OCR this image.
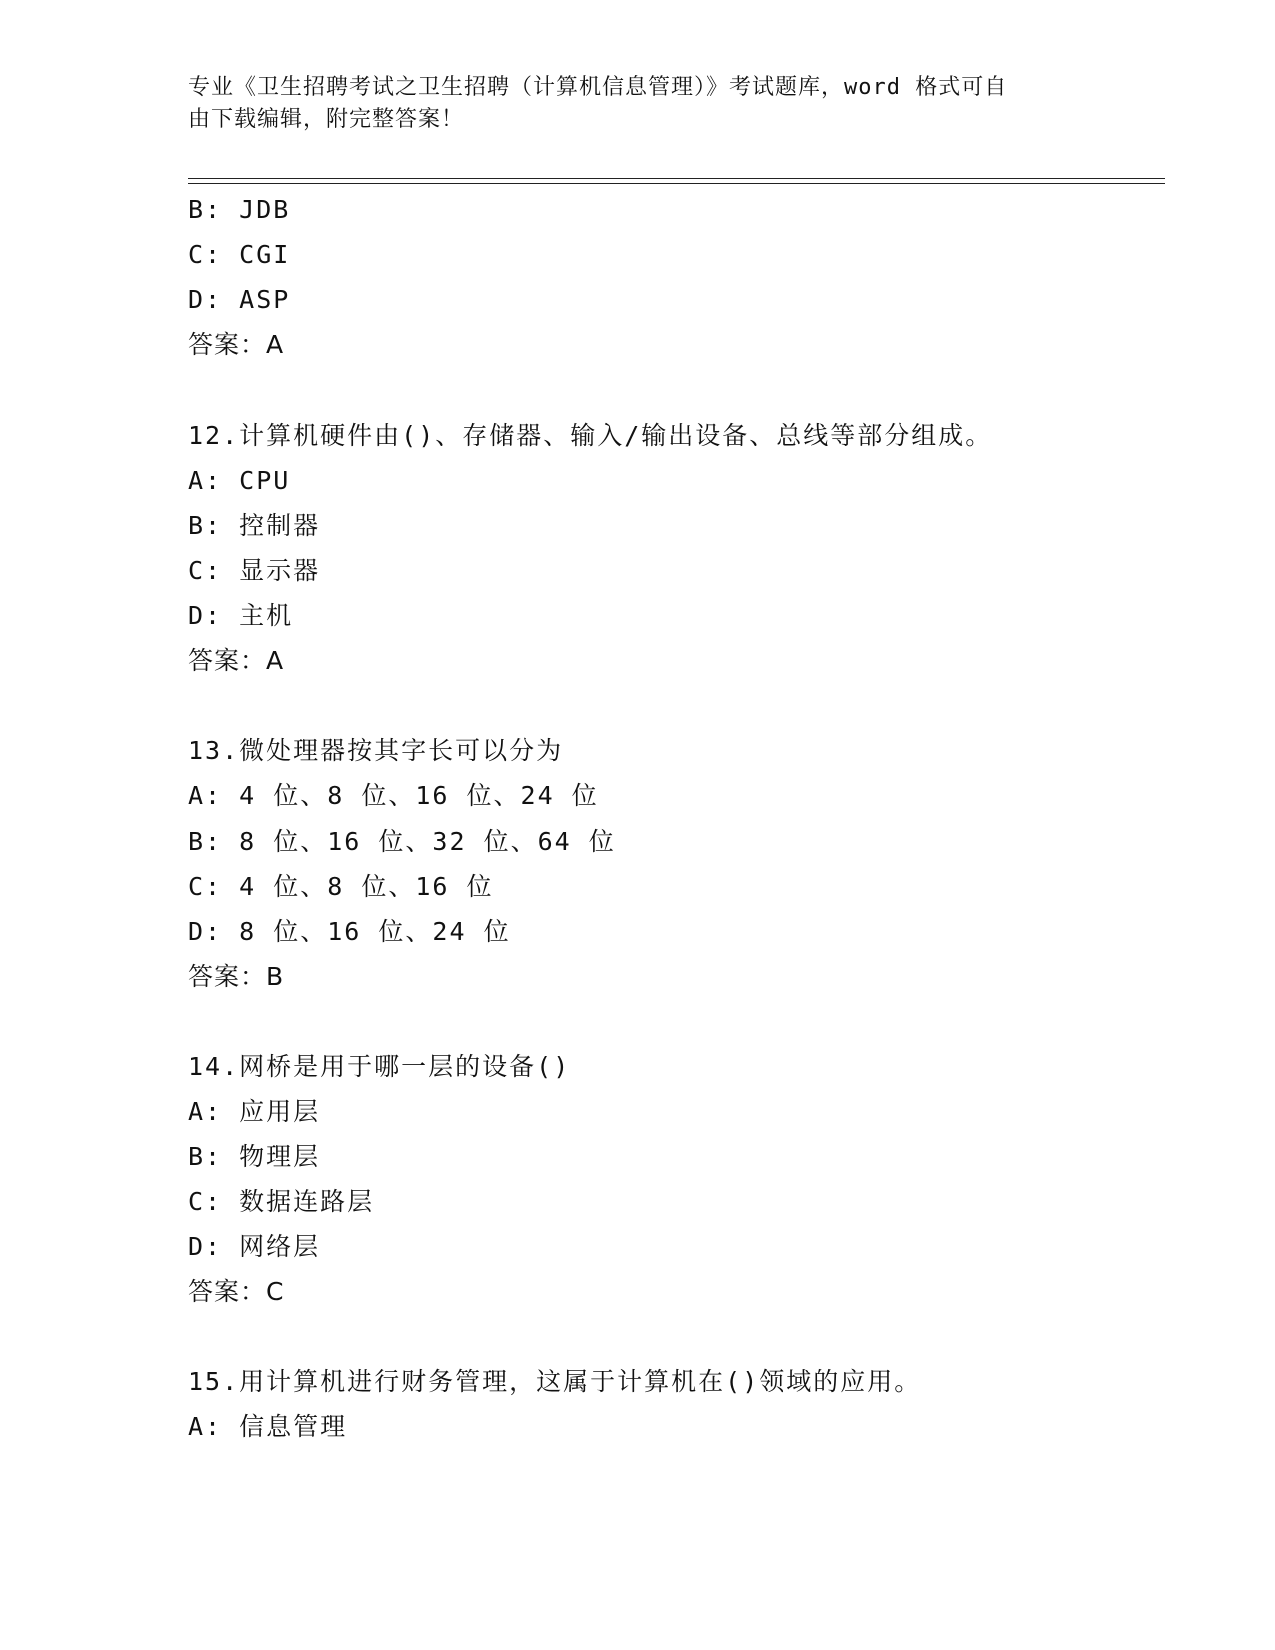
专业《卫生招聘考试之卫生招聘（计算机信息管理）》考试题库，word 格式可自
由下载编辑，附完整答案！
B: JDB
C: CGI
D: ASP
答案：A
12.计算机硬件由()、存储器、输入/输出设备、总线等部分组成。
A: CPU
B: 控制器
C: 显示器
D: 主机
答案：A
13.微处理器按其字长可以分为
A: 4 位、8 位、16 位、24 位
B: 8 位、16 位、32 位、64 位
C: 4 位、8 位、16 位
D: 8 位、16 位、24 位
答案：B
14.网桥是用于哪一层的设备()
A: 应用层
B: 物理层
C: 数据连路层
D: 网络层
答案：C
15.用计算机进行财务管理，这属于计算机在()领域的应用。
A: 信息管理
